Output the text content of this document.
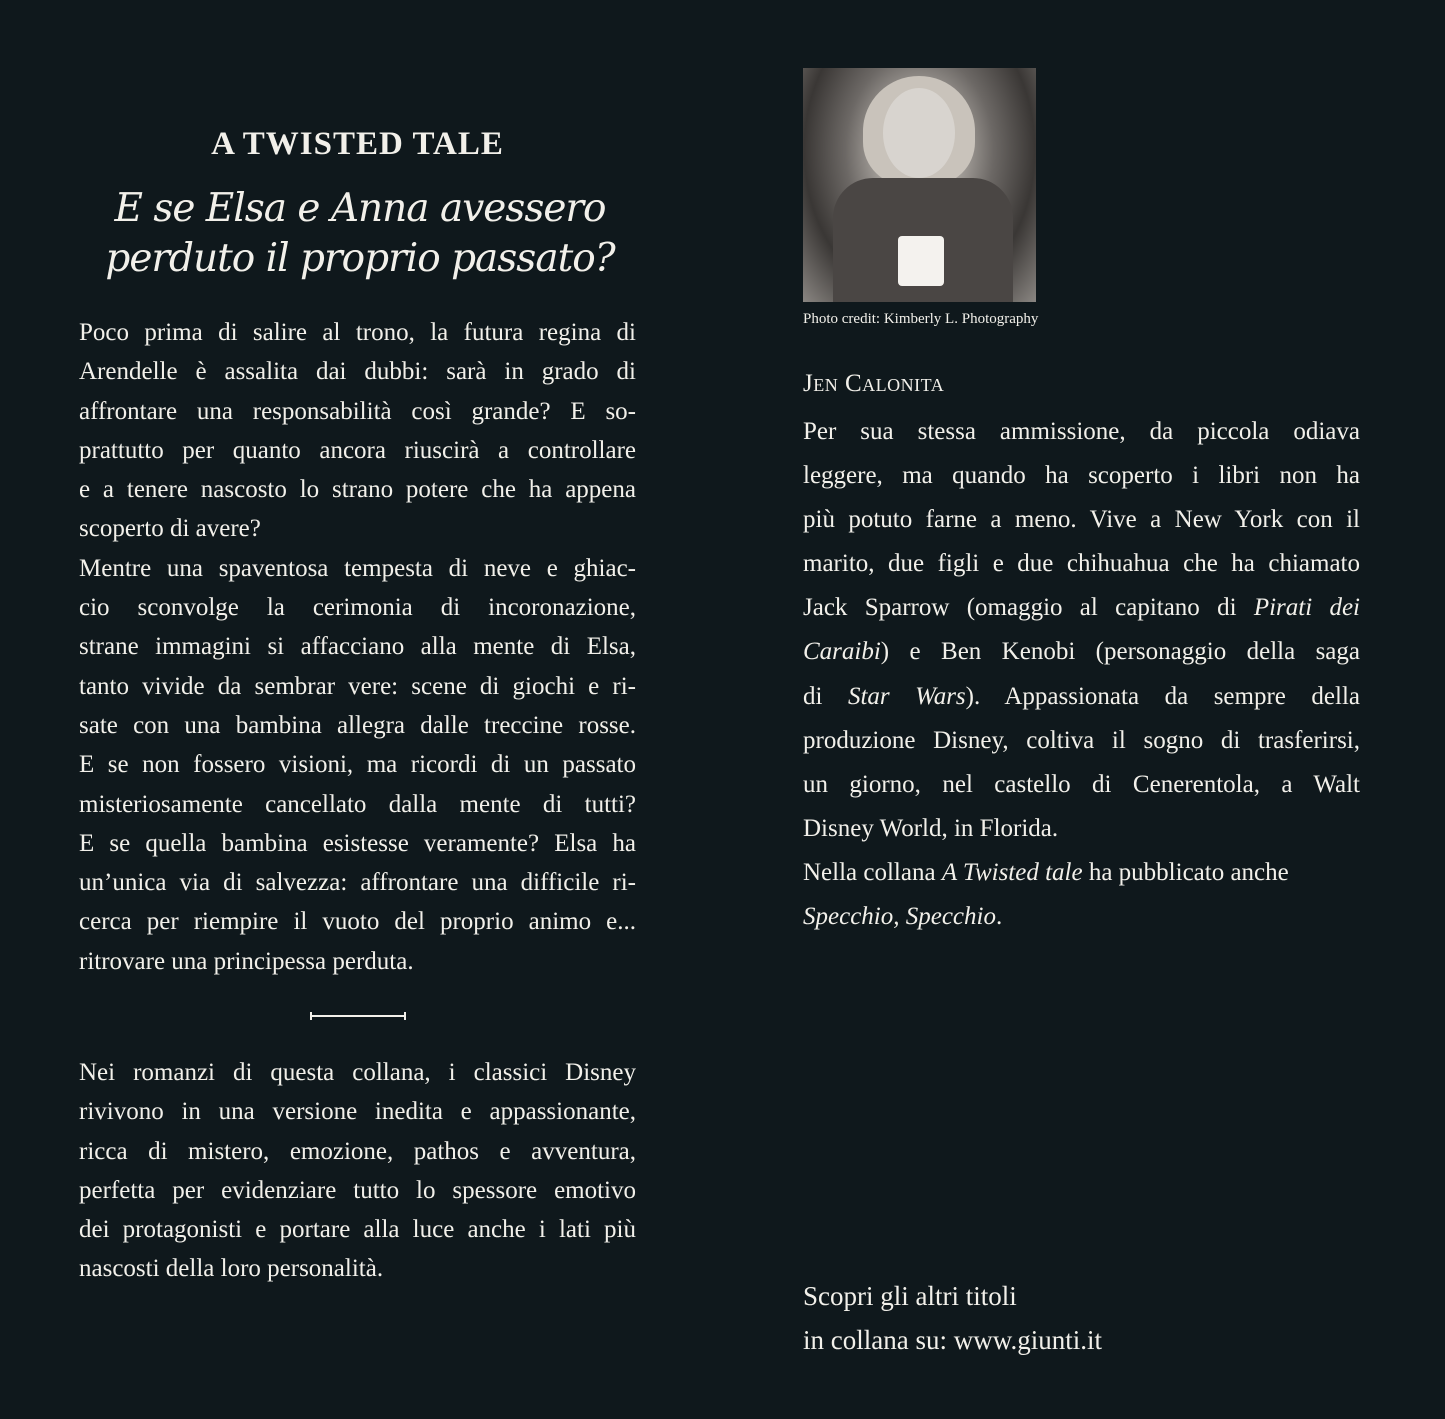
A TWISTED TALE
E se Elsa e Anna avessero
perduto il proprio passato?
Poco prima di salire al trono, la futura regina di
Arendelle è assalita dai dubbi: sarà in grado di
affrontare una responsabilità così grande? E so-
prattutto per quanto ancora riuscirà a controllare
e a tenere nascosto lo strano potere che ha appena
scoperto di avere?
Mentre una spaventosa tempesta di neve e ghiac-
cio sconvolge la cerimonia di incoronazione,
strane immagini si affacciano alla mente di Elsa,
tanto vivide da sembrar vere: scene di giochi e ri-
sate con una bambina allegra dalle treccine rosse.
E se non fossero visioni, ma ricordi di un passato
misteriosamente cancellato dalla mente di tutti?
E se quella bambina esistesse veramente? Elsa ha
un’unica via di salvezza: affrontare una difficile ri-
cerca per riempire il vuoto del proprio animo e...
ritrovare una principessa perduta.
Nei romanzi di questa collana, i classici Disney
rivivono in una versione inedita e appassionante,
ricca di mistero, emozione, pathos e avventura,
perfetta per evidenziare tutto lo spessore emotivo
dei protagonisti e portare alla luce anche i lati più
nascosti della loro personalità.
Photo credit: Kimberly L. Photography
Jen Calonita
Per sua stessa ammissione, da piccola odiava
leggere, ma quando ha scoperto i libri non ha
più potuto farne a meno. Vive a New York con il
marito, due figli e due chihuahua che ha chiamato
Jack Sparrow (omaggio al capitano di Pirati dei
Caraibi) e Ben Kenobi (personaggio della saga
di Star Wars). Appassionata da sempre della
produzione Disney, coltiva il sogno di trasferirsi,
un giorno, nel castello di Cenerentola, a Walt
Disney World, in Florida.
Nella collana A Twisted tale ha pubblicato anche
Specchio, Specchio.
Scopri gli altri titoli
in collana su: www.giunti.it
